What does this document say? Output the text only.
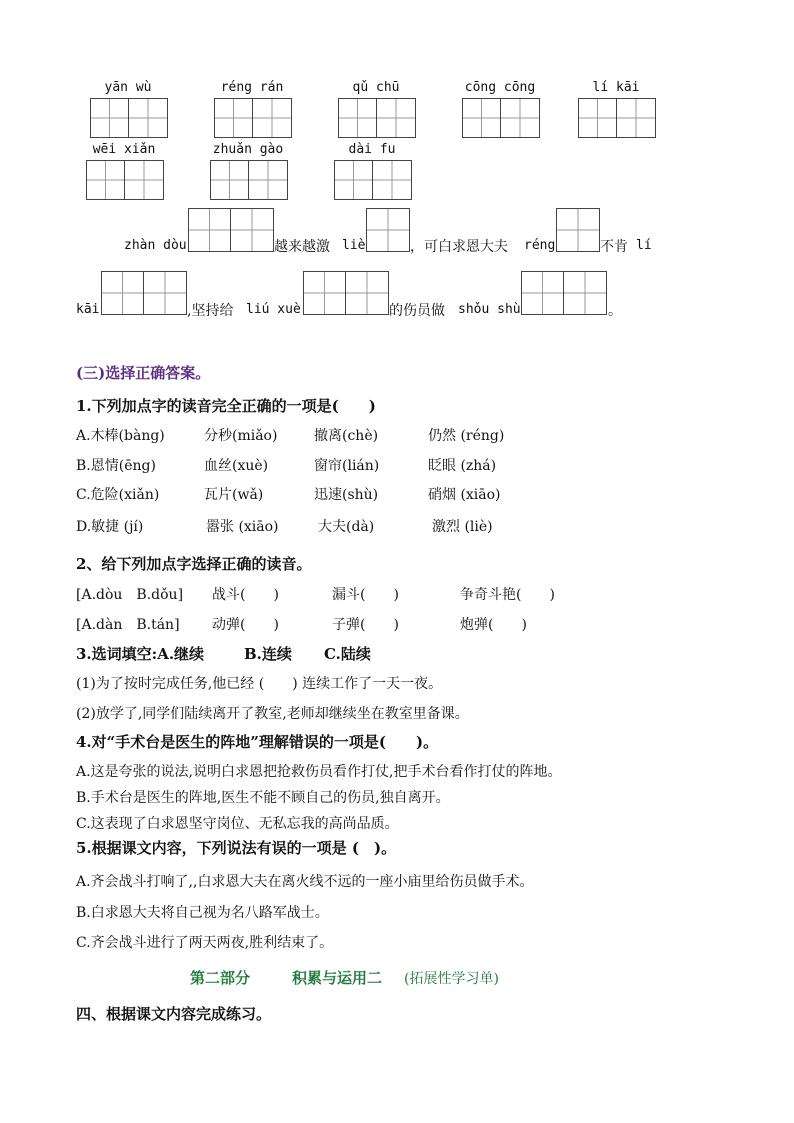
yān wù	réng rán	qǔ chū	cōng cōng	lí kāi
wēi xiǎn	zhuǎn gào	dài fu
zhàn dòu	越来越激 liè	，可白求恩大夫 réng	不肯 lí
kāi	,坚持给 liú xuè	的伤员做 shǒu shù	。
(三)选择正确答案。
1.下列加点字的读音完全正确的一项是(　　)
A.木棒(bàng)	分秒(miǎo)	撤离(chè)	仍然 (réng)
B.恩情(ēng)	血丝(xuè)	窗帘(lián)	眨眼 (zhá)
C.危险(xiǎn)	瓦片(wǎ)	迅速(shù)	硝烟 (xiāo)
D.敏捷 (jí)	嚣张 (xiāo)	大夫(dà)	激烈 (liè)
2、给下列加点字选择正确的读音。
[A.dòu　B.dǒu] 战斗(　　)	漏斗(　　)	争奇斗艳(　　)
[A.dàn　B.tán] 动弹(　　)	子弹(　　)	炮弹(　　)
3.选词填空:A.继续	B.连续 C.陆续
(1)为了按时完成任务,他已经 (　　) 连续工作了一天一夜。
(2)放学了,同学们陆续离开了教室,老师却继续坐在教室里备课。
4.对“手术台是医生的阵地”理解错误的一项是(　　)。
A.这是夸张的说法,说明白求恩把抢救伤员看作打仗,把手术台看作打仗的阵地。
B.手术台是医生的阵地,医生不能不顾自己的伤员,独自离开。
C.这表现了白求恩坚守岗位、无私忘我的高尚品质。
5.根据课文内容，下列说法有误的一项是 (　)。
A.齐会战斗打响了,,白求恩大夫在离火线不远的一座小庙里给伤员做手术。
B.白求恩大夫将自己视为名八路军战士。
C.齐会战斗进行了两天两夜,胜利结束了。
第二部分	积累与运用二 (拓展性学习单)
四、根据课文内容完成练习。
